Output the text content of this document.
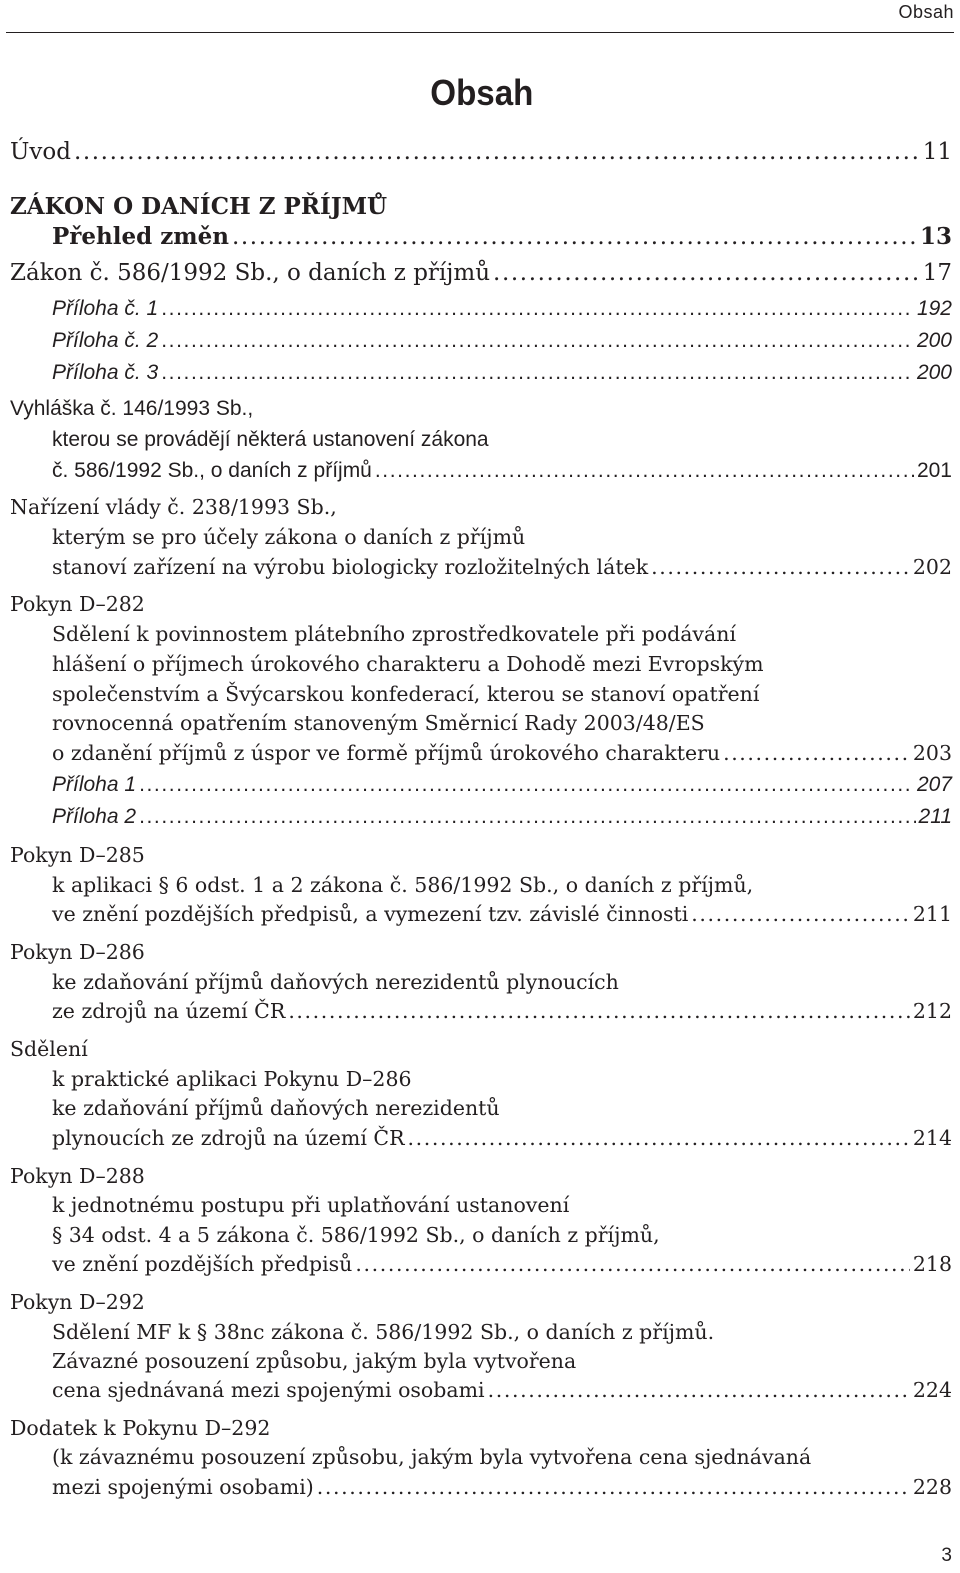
Obsah
Obsah
Úvod .....	11
ZÁKON O DANÍCH Z PŘÍJMŮ
Přehled změn .....	13
Zákon č. 586/1992 Sb., o daních z příjmů .....	17
Příloha č. 1 .....	192
Příloha č. 2 .....	200
Příloha č. 3 .....	200
Vyhláška č. 146/1993 Sb.,
kterou se provádějí některá ustanovení zákona
č. 586/1992 Sb., o daních z příjmů .....	201
Nařízení vlády č. 238/1993 Sb.,
kterým se pro účely zákona o daních z příjmů
stanoví zařízení na výrobu biologicky rozložitelných látek .....	202
Pokyn D–282
Sdělení k povinnostem plátebního zprostředkovatele při podávání
hlášení o příjmech úrokového charakteru a Dohodě mezi Evropským
společenstvím a Švýcarskou konfederací, kterou se stanoví opatření
rovnocenná opatřením stanoveným Směrnicí Rady 2003/48/ES
o zdanění příjmů z úspor ve formě příjmů úrokového charakteru .....	203
Příloha 1 .....	207
Příloha 2 .....	211
Pokyn D–285
k aplikaci § 6 odst. 1 a 2 zákona č. 586/1992 Sb., o daních z příjmů,
ve znění pozdějších předpisů, a vymezení tzv. závislé činnosti .....	211
Pokyn D–286
ke zdaňování příjmů daňových nerezidentů plynoucích
ze zdrojů na území ČR .....	212
Sdělení
k praktické aplikaci Pokynu D–286
ke zdaňování příjmů daňových nerezidentů
plynoucích ze zdrojů na území ČR .....	214
Pokyn D–288
k jednotnému postupu při uplatňování ustanovení
§ 34 odst. 4 a 5 zákona č. 586/1992 Sb., o daních z příjmů,
ve znění pozdějších předpisů .....	218
Pokyn D–292
Sdělení MF k § 38nc zákona č. 586/1992 Sb., o daních z příjmů.
Závazné posouzení způsobu, jakým byla vytvořena
cena sjednávaná mezi spojenými osobami .....	224
Dodatek k Pokynu D–292
(k závaznému posouzení způsobu, jakým byla vytvořena cena sjednávaná
mezi spojenými osobami) .....	228
3
